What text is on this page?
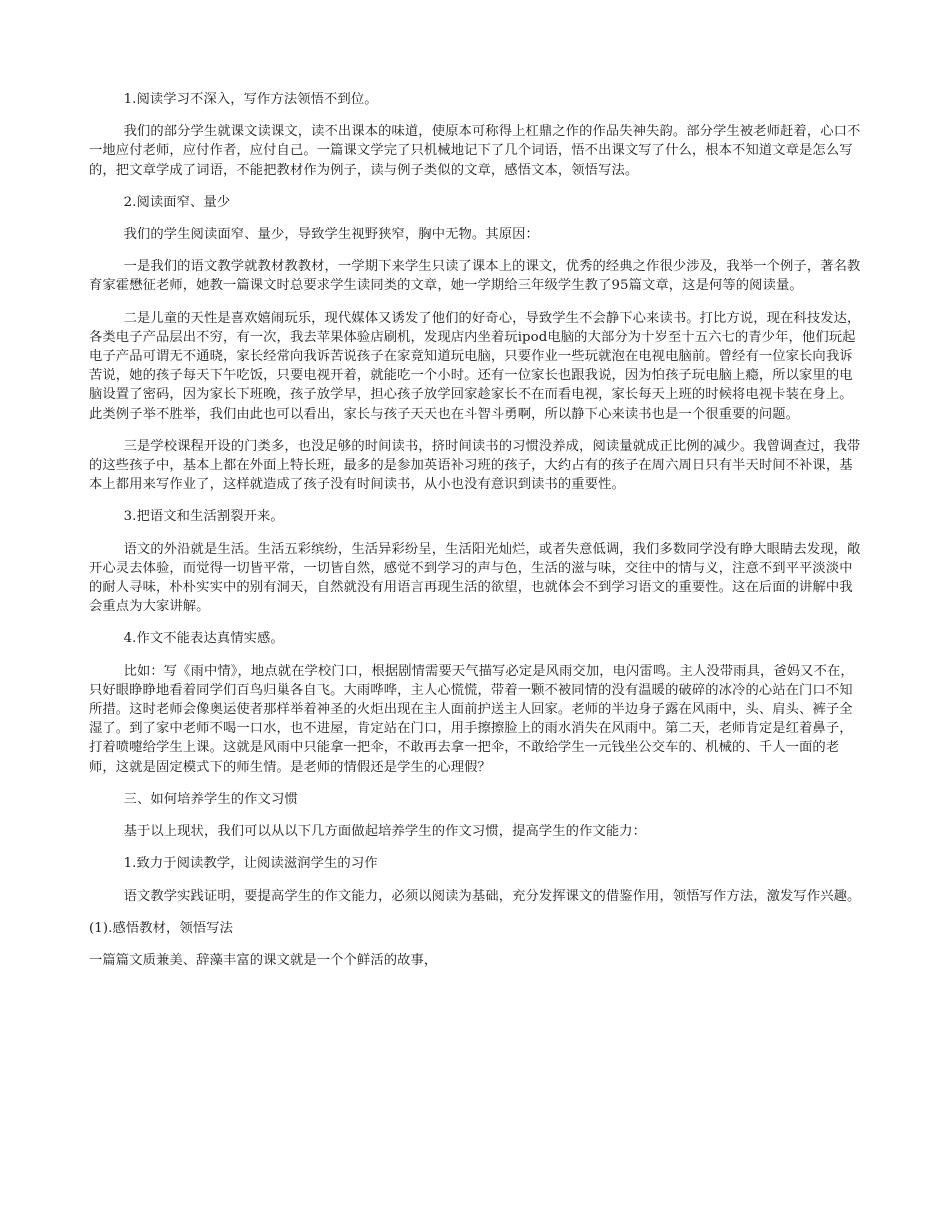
1.阅读学习不深入，写作方法领悟不到位。

我们的部分学生就课文读课文，读不出课本的味道，使原本可称得上杠鼎之作的作品失神失韵。部分学生被老师赶着，心口不一地应付老师，应付作者，应付自己。一篇课文学完了只机械地记下了几个词语，悟不出课文写了什么，根本不知道文章是怎么写的，把文章学成了词语，不能把教材作为例子，读与例子类似的文章，感悟文本，领悟写法。

2.阅读面窄、量少

我们的学生阅读面窄、量少，导致学生视野狭窄，胸中无物。其原因：

一是我们的语文教学就教材教教材，一学期下来学生只读了课本上的课文，优秀的经典之作很少涉及，我举一个例子，著名教育家霍懋征老师，她教一篇课文时总要求学生读同类的文章，她一学期给三年级学生教了95篇文章，这是何等的阅读量。

二是儿童的天性是喜欢嬉闹玩乐，现代媒体又诱发了他们的好奇心，导致学生不会静下心来读书。打比方说，现在科技发达，各类电子产品层出不穷，有一次，我去苹果体验店刷机，发现店内坐着玩ipod电脑的大部分为十岁至十五六七的青少年，他们玩起电子产品可谓无不通晓，家长经常向我诉苦说孩子在家竟知道玩电脑，只要作业一些玩就泡在电视电脑前。曾经有一位家长向我诉苦说，她的孩子每天下午吃饭，只要电视开着，就能吃一个小时。还有一位家长也跟我说，因为怕孩子玩电脑上瘾，所以家里的电脑设置了密码，因为家长下班晚，孩子放学早，担心孩子放学回家趁家长不在而看电视，家长每天上班的时候将电视卡装在身上。此类例子举不胜举，我们由此也可以看出，家长与孩子天天也在斗智斗勇啊，所以静下心来读书也是一个很重要的问题。

三是学校课程开设的门类多，也没足够的时间读书，挤时间读书的习惯没养成，阅读量就成正比例的减少。我曾调查过，我带的这些孩子中，基本上都在外面上特长班，最多的是参加英语补习班的孩子，大约占有的孩子在周六周日只有半天时间不补课，基本上都用来写作业了，这样就造成了孩子没有时间读书，从小也没有意识到读书的重要性。

3.把语文和生活割裂开来。

语文的外沿就是生活。生活五彩缤纷，生活异彩纷呈，生活阳光灿烂，或者失意低调，我们多数同学没有睁大眼睛去发现，敞开心灵去体验，而觉得一切皆平常，一切皆自然，感觉不到学习的声与色，生活的滋与味，交往中的情与义，注意不到平平淡淡中的耐人寻味，朴朴实实中的别有洞天，自然就没有用语言再现生活的欲望，也就体会不到学习语文的重要性。这在后面的讲解中我会重点为大家讲解。

4.作文不能表达真情实感。

比如：写《雨中情》，地点就在学校门口，根据剧情需要天气描写必定是风雨交加，电闪雷鸣。主人没带雨具，爸妈又不在，只好眼睁睁地看着同学们百鸟归巢各自飞。大雨哗哗，主人心慌慌，带着一颗不被同情的没有温暖的破碎的冰冷的心站在门口不知所措。这时老师会像奥运使者那样举着神圣的火炬出现在主人面前护送主人回家。老师的半边身子露在风雨中，头、肩头、裤子全湿了。到了家中老师不喝一口水，也不进屋，肯定站在门口，用手擦擦脸上的雨水消失在风雨中。第二天，老师肯定是红着鼻子，打着喷嚏给学生上课。这就是风雨中只能拿一把伞，不敢再去拿一把伞，不敢给学生一元钱坐公交车的、机械的、千人一面的老师，这就是固定模式下的师生情。是老师的情假还是学生的心理假？

三、如何培养学生的作文习惯

基于以上现状，我们可以从以下几方面做起培养学生的作文习惯，提高学生的作文能力：

1.致力于阅读教学，让阅读滋润学生的习作

语文教学实践证明，要提高学生的作文能力，必须以阅读为基础，充分发挥课文的借鉴作用，领悟写作方法，激发写作兴趣。

(1).感悟教材，领悟写法

一篇篇文质兼美、辞藻丰富的课文就是一个个鲜活的故事，
